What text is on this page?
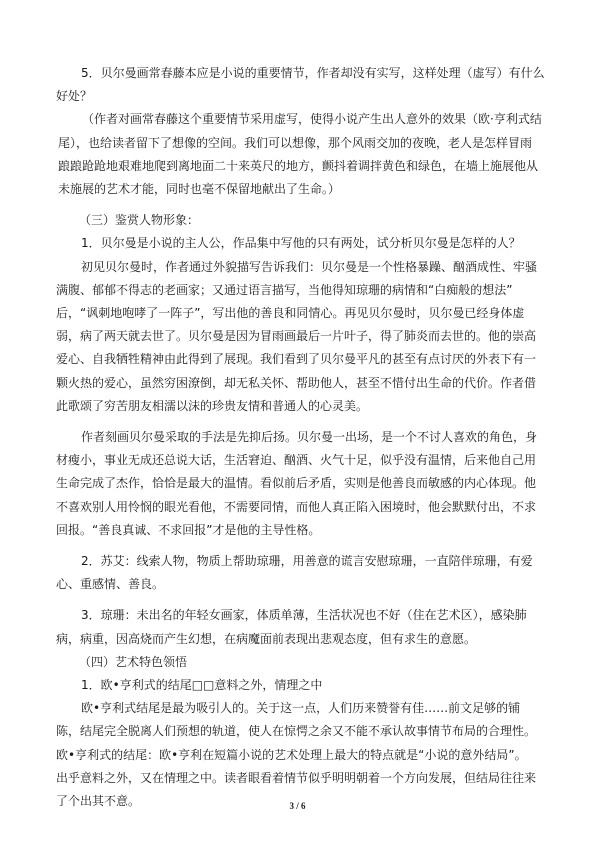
5．贝尔曼画常春藤本应是小说的重要情节，作者却没有实写，这样处理（虚写）有什么
好处？
（作者对画常春藤这个重要情节采用虚写，使得小说产生出人意外的效果（欧·亨利式结
尾），也给读者留下了想像的空间。我们可以想像，那个风雨交加的夜晚，老人是怎样冒雨
踉踉跄跄地艰难地爬到离地面二十来英尺的地方，颤抖着调拌黄色和绿色，在墙上施展他从
未施展的艺术才能，同时也毫不保留地献出了生命。）
（三）鉴赏人物形象：
1．贝尔曼是小说的主人公，作品集中写他的只有两处，试分析贝尔曼是怎样的人？
初见贝尔曼时，作者通过外貌描写告诉我们：贝尔曼是一个性格暴躁、酗酒成性、牢骚
满腹、郁郁不得志的老画家；又通过语言描写，当他得知琼珊的病情和“白痴般的想法”
后，“讽刺地咆哮了一阵子”，写出他的善良和同情心。再见贝尔曼时，贝尔曼已经身体虚
弱，病了两天就去世了。贝尔曼是因为冒雨画最后一片叶子，得了肺炎而去世的。他的崇高
爱心、自我牺牲精神由此得到了展现。我们看到了贝尔曼平凡的甚至有点讨厌的外表下有一
颗火热的爱心，虽然穷困潦倒，却无私关怀、帮助他人，甚至不惜付出生命的代价。作者借
此歌颂了穷苦朋友相濡以沫的珍贵友情和普通人的心灵美。
作者刻画贝尔曼采取的手法是先抑后扬。贝尔曼一出场，是一个不讨人喜欢的角色，身
材瘦小，事业无成还总说大话，生活窘迫、酗酒、火气十足，似乎没有温情，后来他自己用
生命完成了杰作，恰恰是最大的温情。看似前后矛盾，实则是他善良而敏感的内心体现。他
不喜欢别人用怜悯的眼光看他，不需要同情，而他人真正陷入困境时，他会默默付出，不求
回报。“善良真诚、不求回报”才是他的主导性格。
2．苏艾：线索人物，物质上帮助琼珊，用善意的谎言安慰琼珊，一直陪伴琼珊，有爱
心、重感情、善良。
3．琼珊：未出名的年轻女画家，体质单薄，生活状况也不好（住在艺术区），感染肺
病，病重，因高烧而产生幻想，在病魔面前表现出悲观态度，但有求生的意愿。
（四）艺术特色领悟
1．欧•亨利式的结尾□□意料之外，情理之中
欧•亨利式结尾是最为吸引人的。关于这一点，人们历来赞誉有佳……前文足够的铺
陈，结尾完全脱离人们预想的轨道，使人在惊愕之余又不能不承认故事情节布局的合理性。
欧•亨利式的结尾：欧•亨利在短篇小说的艺术处理上最大的特点就是“小说的意外结局”。
出乎意料之外，又在情理之中。读者眼看着情节似乎明明朝着一个方向发展，但结局往往来
了个出其不意。	3 / 6
